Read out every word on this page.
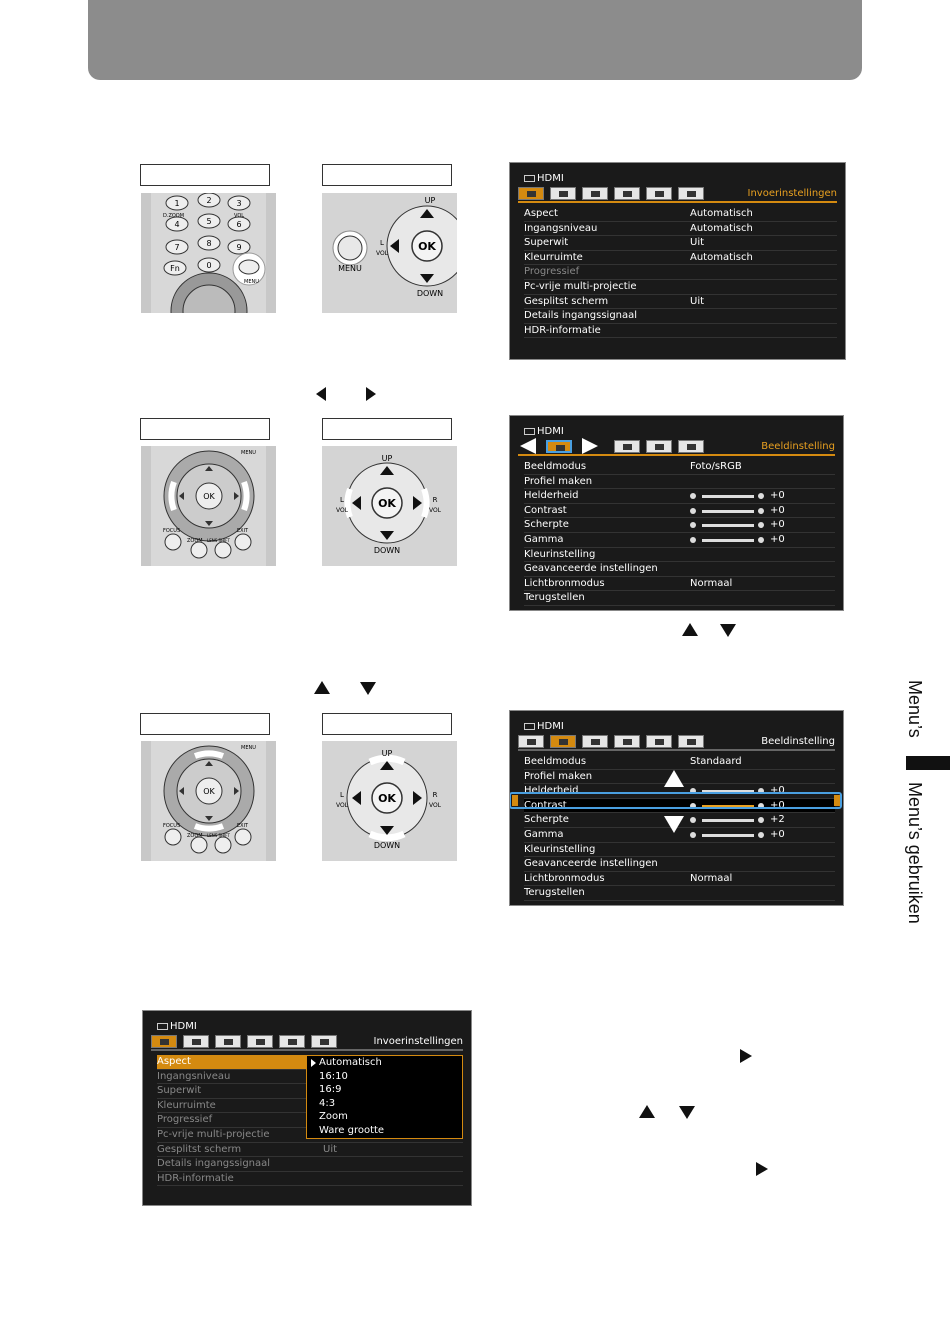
Menu’s
Menu’s gebruiken
1	2	3
4	5	6
7	8	9
Fn	0
D.ZOOM	VOL
MENU
MENU
UP
DOWN
L
VOL
OK
HDMI
Invoerinstellingen
Aspect	Automatisch
Ingangsniveau	Automatisch
Superwit	Uit
Kleurruimte	Automatisch
Progressief
Pc-vrije multi-projectie
Gesplitst scherm	Uit
Details ingangssignaal
HDR-informatie
OK
FOCUS
ZOOM LENS SHIFT
EXIT
MENU
UP
DOWN
L
VOL
R
VOL
OK
HDMI
Beeldinstelling
Beeldmodus	Foto/sRGB
Profiel maken
Helderheid	+0
Contrast	+0
Scherpte	+0
Gamma	+0
Kleurinstelling
Geavanceerde instellingen
Lichtbronmodus	Normaal
Terugstellen
OK
FOCUS
ZOOM LENS SHIFT
EXIT
MENU
UP
DOWN
L
VOL
R
VOL
OK
HDMI
Beeldinstelling
Beeldmodus	Standaard
Profiel maken
Helderheid	+0
Contrast	+0
Scherpte	+2
Gamma	+0
Kleurinstelling
Geavanceerde instellingen
Lichtbronmodus	Normaal
Terugstellen
HDMI
Invoerinstellingen
Aspect
Ingangsniveau
Superwit
Kleurruimte
Progressief
Pc-vrije multi-projectie
Gesplitst scherm	Uit
Details ingangssignaal
HDR-informatie
Automatisch
16:10
16:9
4:3
Zoom
Ware grootte
